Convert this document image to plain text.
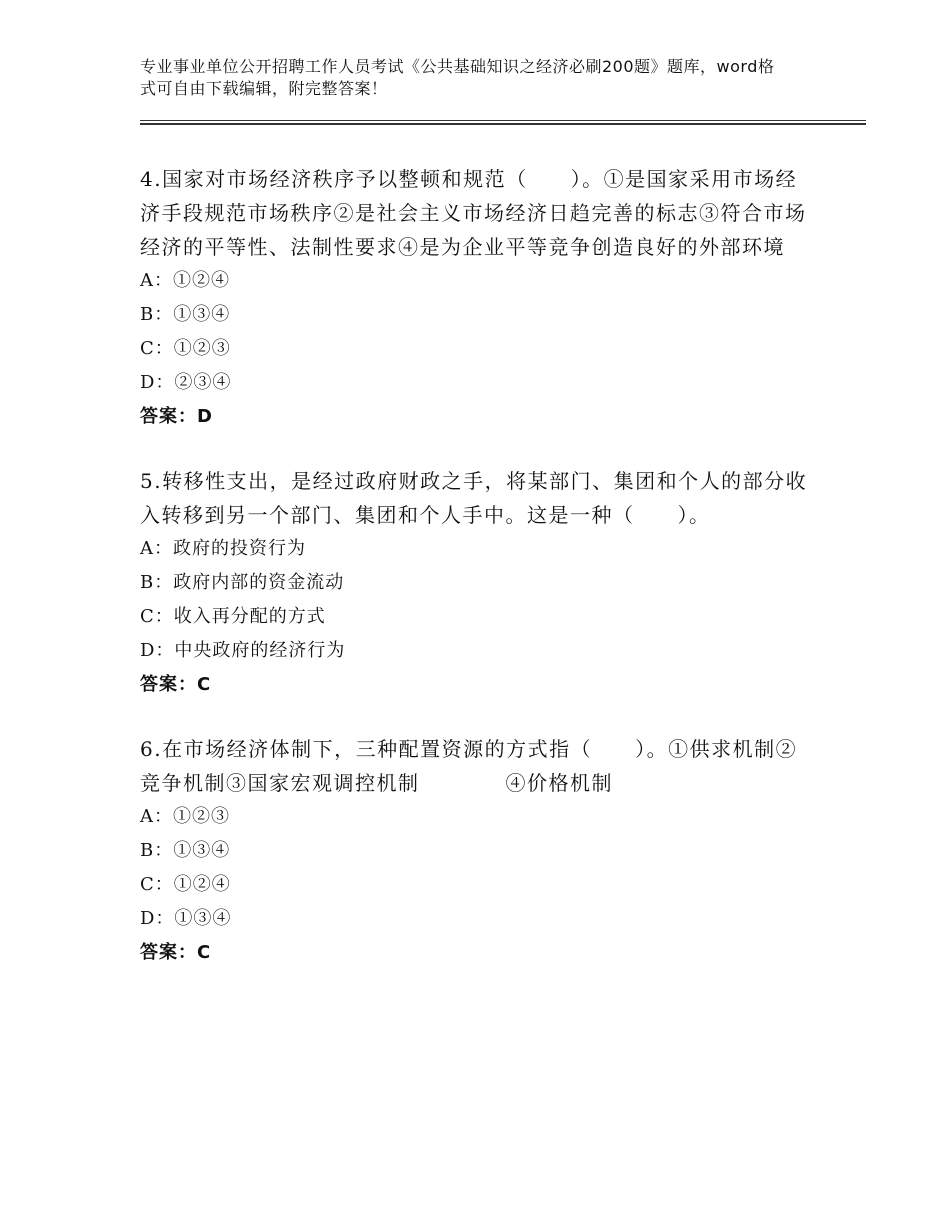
专业事业单位公开招聘工作人员考试《公共基础知识之经济必刷200题》题库，word格式可自由下载编辑，附完整答案！

4.国家对市场经济秩序予以整顿和规范（　　）。①是国家采用市场经济手段规范市场秩序②是社会主义市场经济日趋完善的标志③符合市场经济的平等性、法制性要求④是为企业平等竞争创造良好的外部环境

A：①②④

B：①③④

C：①②③

D：②③④

答案：D

5.转移性支出，是经过政府财政之手，将某部门、集团和个人的部分收入转移到另一个部门、集团和个人手中。这是一种（　　）。

A：政府的投资行为

B：政府内部的资金流动

C：收入再分配的方式

D：中央政府的经济行为

答案：C

6.在市场经济体制下，三种配置资源的方式指（　　）。①供求机制②竞争机制③国家宏观调控机制	④价格机制

A：①②③

B：①③④

C：①②④

D：①③④

答案：C
